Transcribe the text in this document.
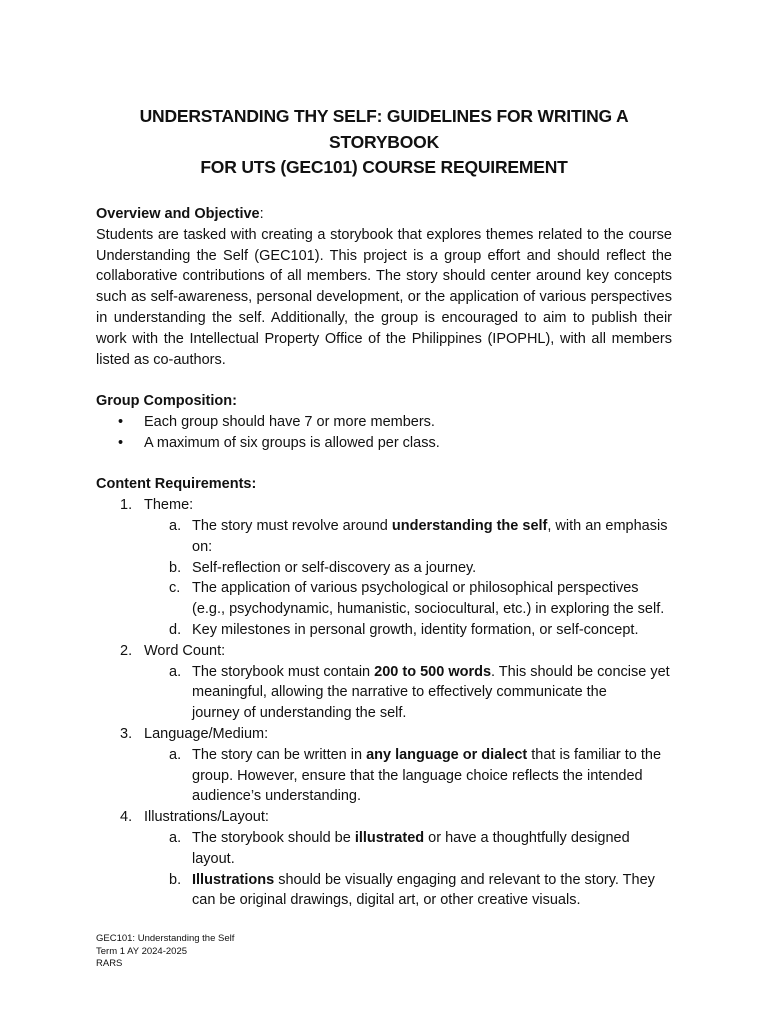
UNDERSTANDING THY SELF: GUIDELINES FOR WRITING A
STORYBOOK
FOR UTS (GEC101) COURSE REQUIREMENT
Overview and Objective:
Students are tasked with creating a storybook that explores themes related to the course
Understanding the Self (GEC101). This project is a group effort and should reflect the
collaborative contributions of all members. The story should center around key concepts
such as self-awareness, personal development, or the application of various perspectives
in understanding the self. Additionally, the group is encouraged to aim to publish their
work with the Intellectual Property Office of the Philippines (IPOPHL), with all members
listed as co-authors.
Group Composition:
• Each group should have 7 or more members.
• A maximum of six groups is allowed per class.
Content Requirements:
1. Theme:
a. The story must revolve around understanding the self, with an emphasis
on:
b. Self-reflection or self-discovery as a journey.
c. The application of various psychological or philosophical perspectives
(e.g., psychodynamic, humanistic, sociocultural, etc.) in exploring the self.
d. Key milestones in personal growth, identity formation, or self-concept.
2. Word Count:
a. The storybook must contain 200 to 500 words. This should be concise yet
meaningful, allowing the narrative to effectively communicate the
journey of understanding the self.
3. Language/Medium:
a. The story can be written in any language or dialect that is familiar to the
group. However, ensure that the language choice reflects the intended
audience’s understanding.
4. Illustrations/Layout:
a. The storybook should be illustrated or have a thoughtfully designed
layout.
b. Illustrations should be visually engaging and relevant to the story. They
can be original drawings, digital art, or other creative visuals.
GEC101: Understanding the Self
Term 1 AY 2024-2025
RARS
